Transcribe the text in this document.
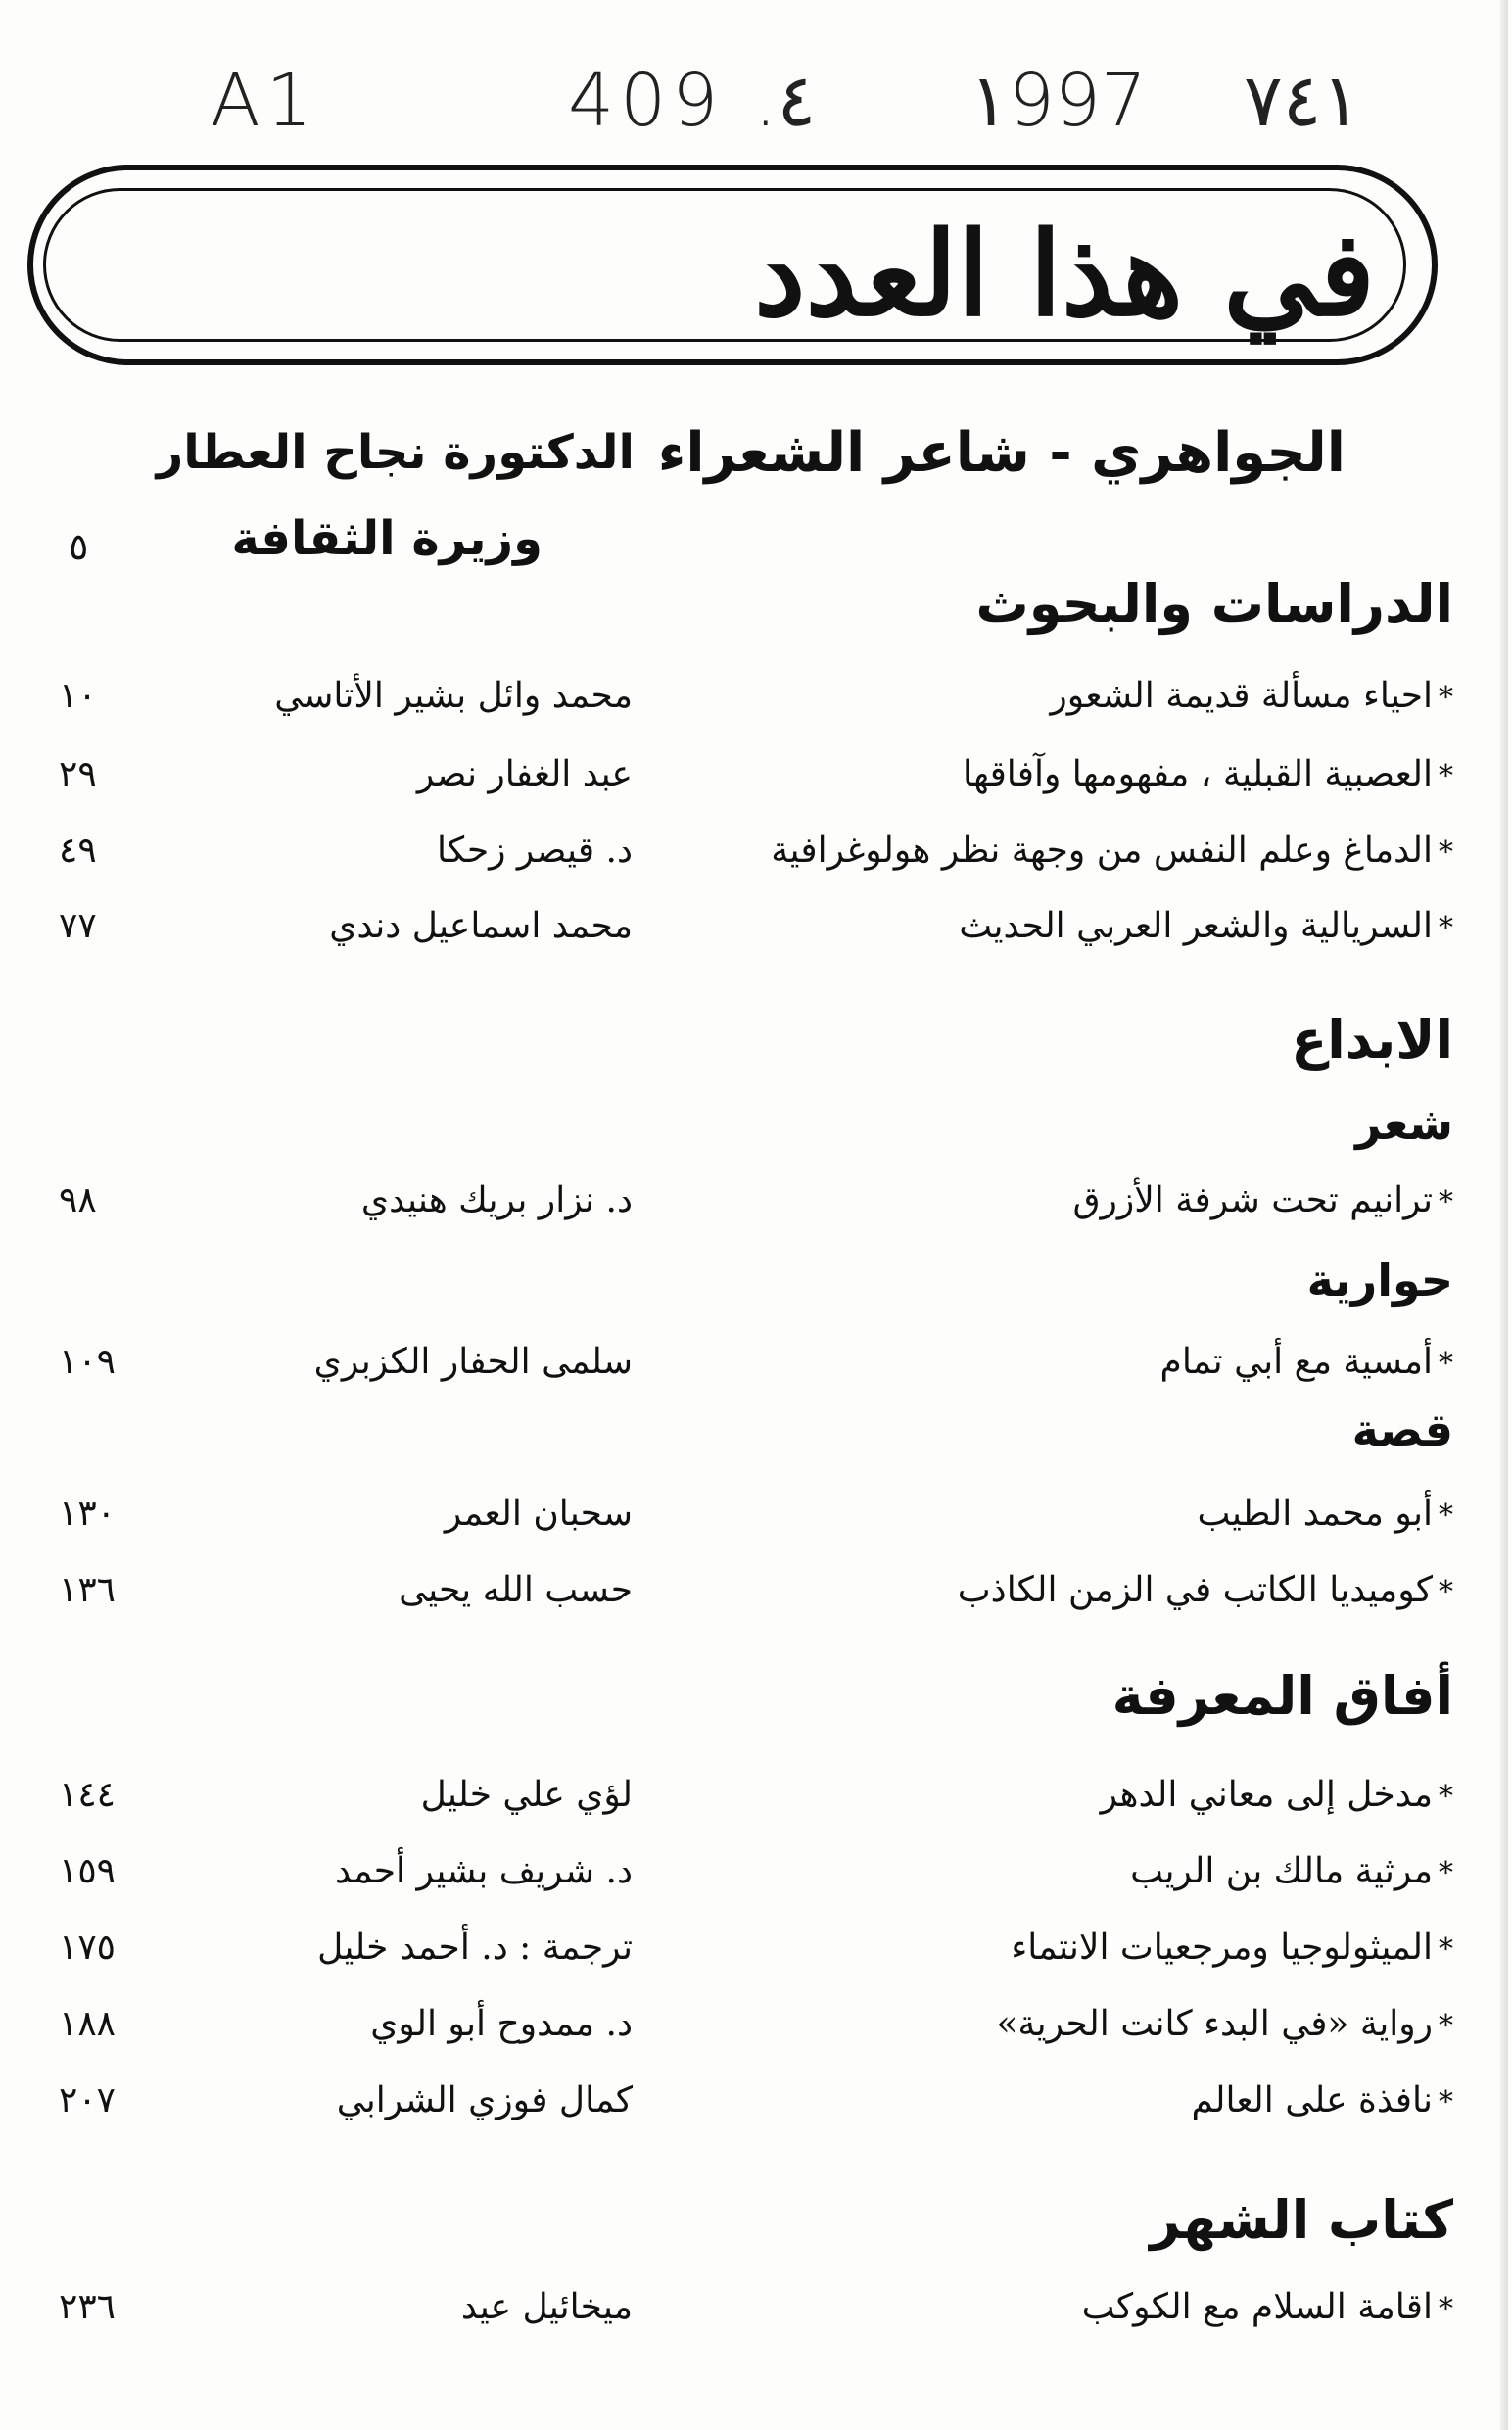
A1	409 .٤ ١997 ٧٤١
في هذا العدد
الجواهري - شاعر الشعراء
الدكتورة نجاح العطار
وزيرة الثقافة
٥
الدراسات والبحوث
الابداع
شعر
حوارية
قصة
أفاق المعرفة
كتاب الشهر
*احياء مسألة قديمة الشعور
محمد وائل بشير الأتاسي
١٠
*العصبية القبلية ، مفهومها وآفاقها
عبد الغفار نصر
٢٩
*الدماغ وعلم النفس من وجهة نظر هولوغرافية
د. قيصر زحكا
٤٩
*السريالية والشعر العربي الحديث
محمد اسماعيل دندي
٧٧
*ترانيم تحت شرفة الأزرق
د. نزار بريك هنيدي
٩٨
*أمسية مع أبي تمام
سلمى الحفار الكزبري
١٠٩
*أبو محمد الطيب
سحبان العمر
١٣٠
*كوميديا الكاتب في الزمن الكاذب
حسب الله يحيى
١٣٦
*مدخل إلى معاني الدهر
لؤي علي خليل
١٤٤
*مرثية مالك بن الريب
د. شريف بشير أحمد
١٥٩
*الميثولوجيا ومرجعيات الانتماء
ترجمة : د. أحمد خليل
١٧٥
*رواية «في البدء كانت الحرية»
د. ممدوح أبو الوي
١٨٨
*نافذة على العالم
كمال فوزي الشرابي
٢٠٧
*اقامة السلام مع الكوكب
ميخائيل عيد
٢٣٦
